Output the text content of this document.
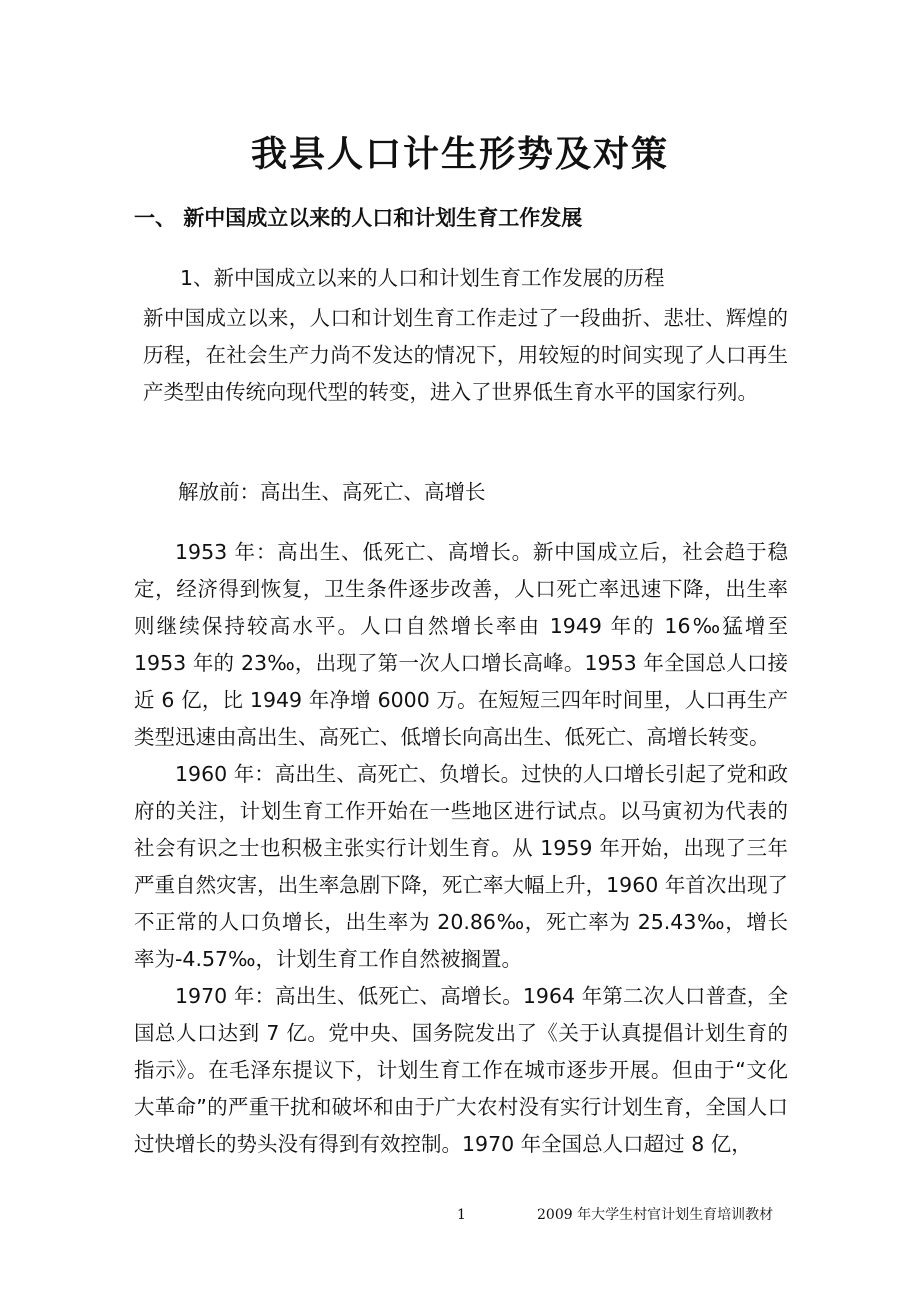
我县人口计生形势及对策
一、 新中国成立以来的人口和计划生育工作发展
1、新中国成立以来的人口和计划生育工作发展的历程
新中国成立以来，人口和计划生育工作走过了一段曲折、悲壮、辉煌的历程，在社会生产力尚不发达的情况下，用较短的时间实现了人口再生产类型由传统向现代型的转变，进入了世界低生育水平的国家行列。
解放前：高出生、高死亡、高增长
1953 年：高出生、低死亡、高增长。新中国成立后，社会趋于稳定，经济得到恢复，卫生条件逐步改善，人口死亡率迅速下降，出生率则继续保持较高水平。人口自然增长率由 1949 年的 16‰猛增至 1953 年的 23‰，出现了第一次人口增长高峰。1953 年全国总人口接近 6 亿，比 1949 年净增 6000 万。在短短三四年时间里，人口再生产类型迅速由高出生、高死亡、低增长向高出生、低死亡、高增长转变。
1960 年：高出生、高死亡、负增长。过快的人口增长引起了党和政府的关注，计划生育工作开始在一些地区进行试点。以马寅初为代表的社会有识之士也积极主张实行计划生育。从 1959 年开始，出现了三年严重自然灾害，出生率急剧下降，死亡率大幅上升，1960 年首次出现了不正常的人口负增长，出生率为 20.86‰，死亡率为 25.43‰，增长率为-4.57‰，计划生育工作自然被搁置。
1970 年：高出生、低死亡、高增长。1964 年第二次人口普查，全国总人口达到 7 亿。党中央、国务院发出了《关于认真提倡计划生育的指示》。在毛泽东提议下，计划生育工作在城市逐步开展。但由于“文化大革命”的严重干扰和破坏和由于广大农村没有实行计划生育，全国人口过快增长的势头没有得到有效控制。1970 年全国总人口超过 8 亿，
1	2009 年大学生村官计划生育培训教材
